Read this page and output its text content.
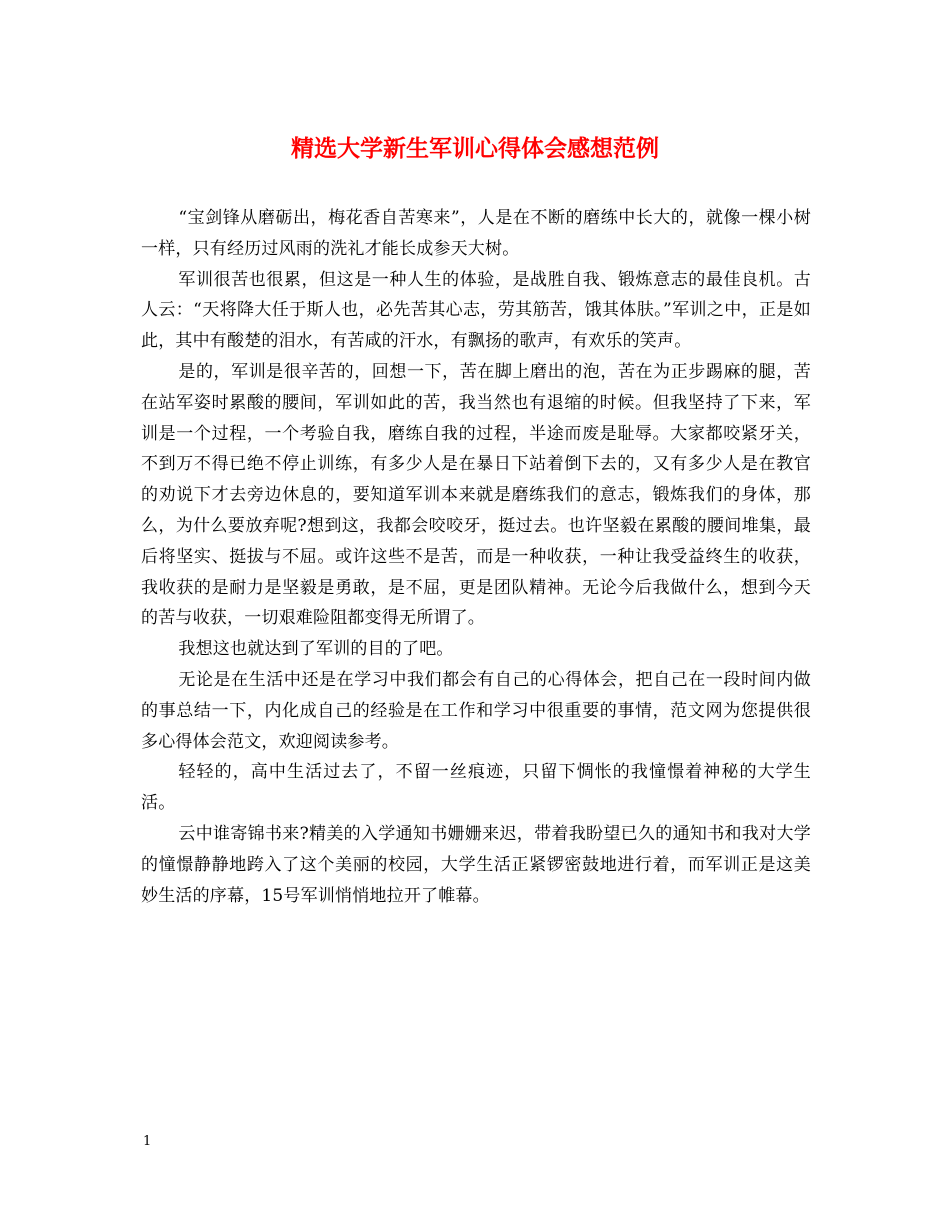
精选大学新生军训心得体会感想范例

“宝剑锋从磨砺出，梅花香自苦寒来”，人是在不断的磨练中长大的，就像一棵小树一样，只有经历过风雨的洗礼才能长成参天大树。

军训很苦也很累，但这是一种人生的体验，是战胜自我、锻炼意志的最佳良机。古人云：“天将降大任于斯人也，必先苦其心志，劳其筋苦，饿其体肤。”军训之中，正是如此，其中有酸楚的泪水，有苦咸的汗水，有飘扬的歌声，有欢乐的笑声。

是的，军训是很辛苦的，回想一下，苦在脚上磨出的泡，苦在为正步踢麻的腿，苦在站军姿时累酸的腰间，军训如此的苦，我当然也有退缩的时候。但我坚持了下来，军训是一个过程，一个考验自我，磨练自我的过程，半途而废是耻辱。大家都咬紧牙关，不到万不得已绝不停止训练，有多少人是在暴日下站着倒下去的，又有多少人是在教官的劝说下才去旁边休息的，要知道军训本来就是磨练我们的意志，锻炼我们的身体，那么，为什么要放弃呢?想到这，我都会咬咬牙，挺过去。也许坚毅在累酸的腰间堆集，最后将坚实、挺拔与不屈。或许这些不是苦，而是一种收获，一种让我受益终生的收获，我收获的是耐力是坚毅是勇敢，是不屈，更是团队精神。无论今后我做什么，想到今天的苦与收获，一切艰难险阻都变得无所谓了。

我想这也就达到了军训的目的了吧。

无论是在生活中还是在学习中我们都会有自己的心得体会，把自己在一段时间内做的事总结一下，内化成自己的经验是在工作和学习中很重要的事情，范文网为您提供很多心得体会范文，欢迎阅读参考。

轻轻的，高中生活过去了，不留一丝痕迹，只留下惆怅的我憧憬着神秘的大学生活。

云中谁寄锦书来?精美的入学通知书姗姗来迟，带着我盼望已久的通知书和我对大学的憧憬静静地跨入了这个美丽的校园，大学生活正紧锣密鼓地进行着，而军训正是这美妙生活的序幕，15号军训悄悄地拉开了帷幕。

1
